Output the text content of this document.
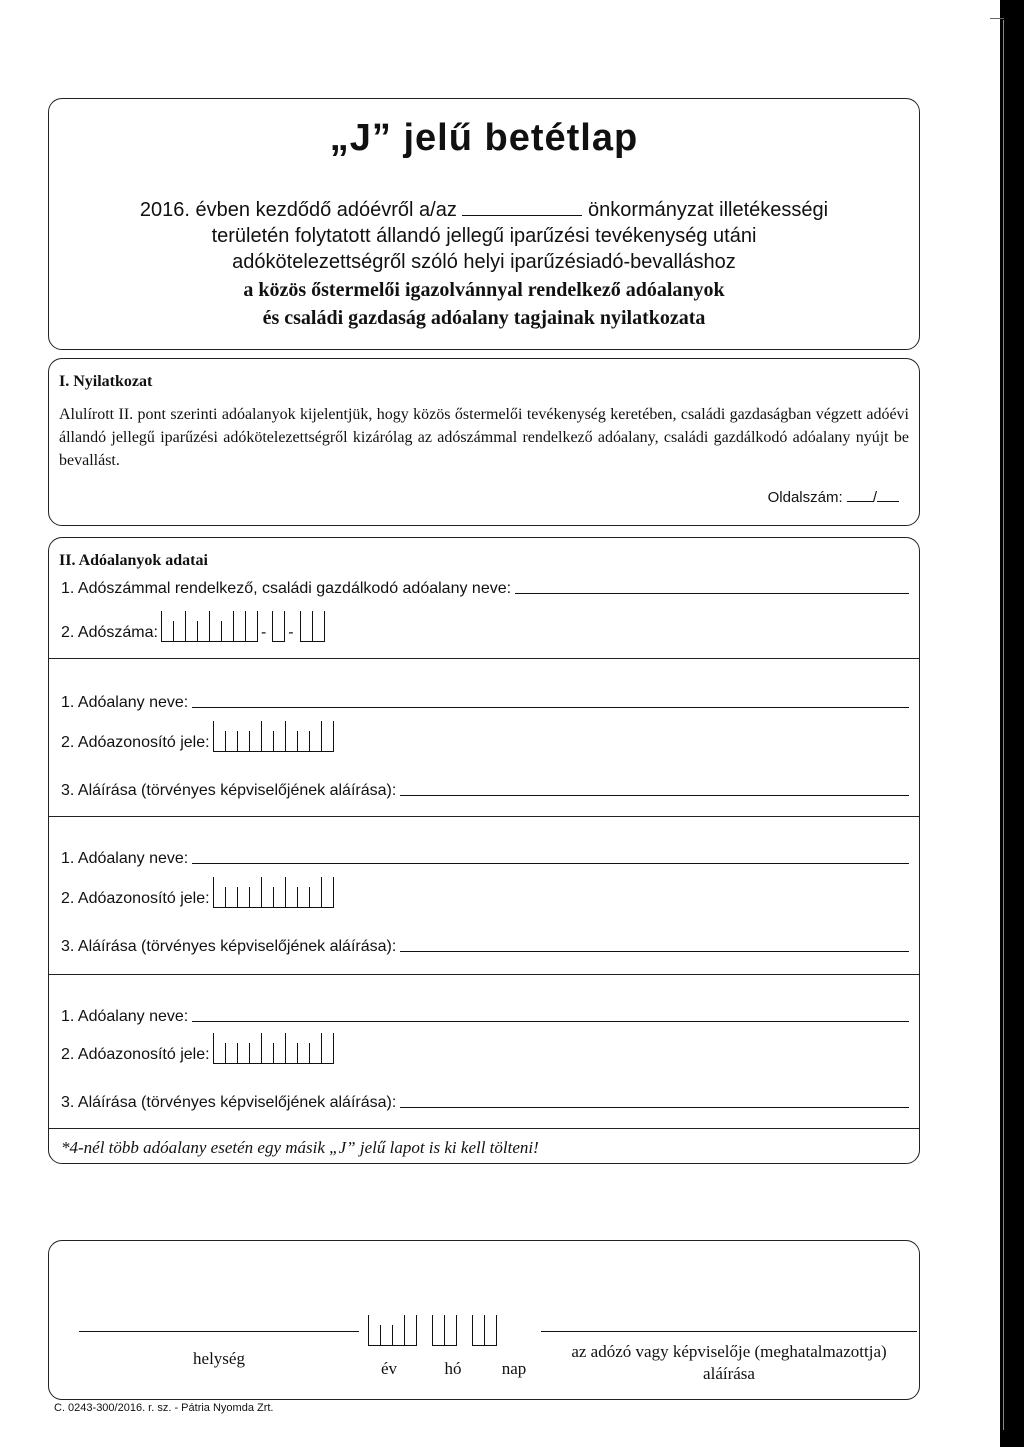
„J” jelű betétlap
2016. évben kezdődő adóévről a/az	önkormányzat illetékességi
területén folytatott állandó jellegű iparűzési tevékenység utáni
adókötelezettségről szóló helyi iparűzésiadó-bevalláshoz
a közös őstermelői igazolvánnyal rendelkező adóalanyok
és családi gazdaság adóalany tagjainak nyilatkozata
I. Nyilatkozat
Alulírott II. pont szerinti adóalanyok kijelentjük, hogy közös őstermelői tevékenység keretében, családi gazdaságban végzett adóévi állandó jellegű iparűzési adókötelezettségről kizárólag az adószámmal rendelkező adóalany, családi gazdálkodó adóalany nyújt be bevallást.
Oldalszám: /
II. Adóalanyok adatai
1. Adószámmal rendelkező, családi gazdálkodó adóalany neve:
2. Adószáma:	- -
1. Adóalany neve:
2. Adóazonosító jele:
3. Aláírása (törvényes képviselőjének aláírása):
1. Adóalany neve:
2. Adóazonosító jele:
3. Aláírása (törvényes képviselőjének aláírása):
1. Adóalany neve:
2. Adóazonosító jele:
3. Aláírása (törvényes képviselőjének aláírása):
*4-nél több adóalany esetén egy másik „J” jelű lapot is ki kell tölteni!
helység
év	hó	nap
az adózó vagy képviselője (meghatalmazottja)
aláírása
C. 0243-300/2016. r. sz. - Pátria Nyomda Zrt.
